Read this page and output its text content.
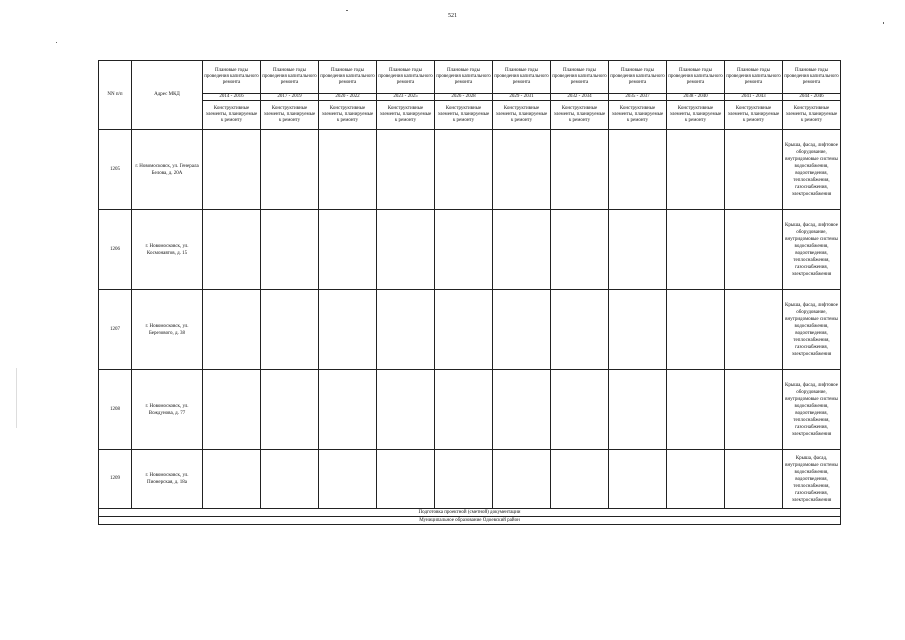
521
NN п/п	Адрес МКД	Плановые годы проведения капитального ремонта	Плановые годы проведения капитального ремонта	Плановые годы проведения капитального ремонта	Плановые годы проведения капитального ремонта	Плановые годы проведения капитального ремонта	Плановые годы проведения капитального ремонта	Плановые годы проведения капитального ремонта	Плановые годы проведения капитального ремонта	Плановые годы проведения капитального ремонта	Плановые годы проведения капитального ремонта	Плановые годы проведения капитального ремонта
		2014 - 2016	2017 - 2019	2020 - 2022	2023 - 2025	2026 - 2028	2029 - 2031	2032 - 2034	2035 - 2037	2038 - 2040	2041 - 2043	2044 - 2046
		Конструктивные элементы, планируемые к ремонту	Конструктивные элементы, планируемые к ремонту	Конструктивные элементы, планируемые к ремонту	Конструктивные элементы, планируемые к ремонту	Конструктивные элементы, планируемые к ремонту	Конструктивные элементы, планируемые к ремонту	Конструктивные элементы, планируемые к ремонту	Конструктивные элементы, планируемые к ремонту	Конструктивные элементы, планируемые к ремонту	Конструктивные элементы, планируемые к ремонту	Конструктивные элементы, планируемые к ремонту
1205	г. Новомосковск, ул. Генерала Белова, д. 20А											Крыша, фасад, лифтовое оборудование, внутридомовые системы водоснабжения, водоотведения, теплоснабжения, газоснабжения, электроснабжения
1206	г. Новомосковск, ул. Космонавтов, д. 15											Крыша, фасад, лифтовое оборудование, внутридомовые системы водоснабжения, водоотведения, теплоснабжения, газоснабжения, электроснабжения
1207	г. Новомосковск, ул. Березового, д. 38											Крыша, фасад, лифтовое оборудование, внутридомовые системы водоснабжения, водоотведения, теплоснабжения, газоснабжения, электроснабжения
1208	г. Новомосковск, ул. Вождунова, д. 77											Крыша, фасад, лифтовое оборудование, внутридомовые системы водоснабжения, водоотведения, теплоснабжения, газоснабжения, электроснабжения
1209	г. Новомосковск, ул. Пионерская, д. 18а											Крыша, фасад, внутридомовые системы водоснабжения, водоотведения, теплоснабжения, газоснабжения, электроснабжения
Подготовка проектной (сметной) документации												
Муниципальное образование Одоевский район												
